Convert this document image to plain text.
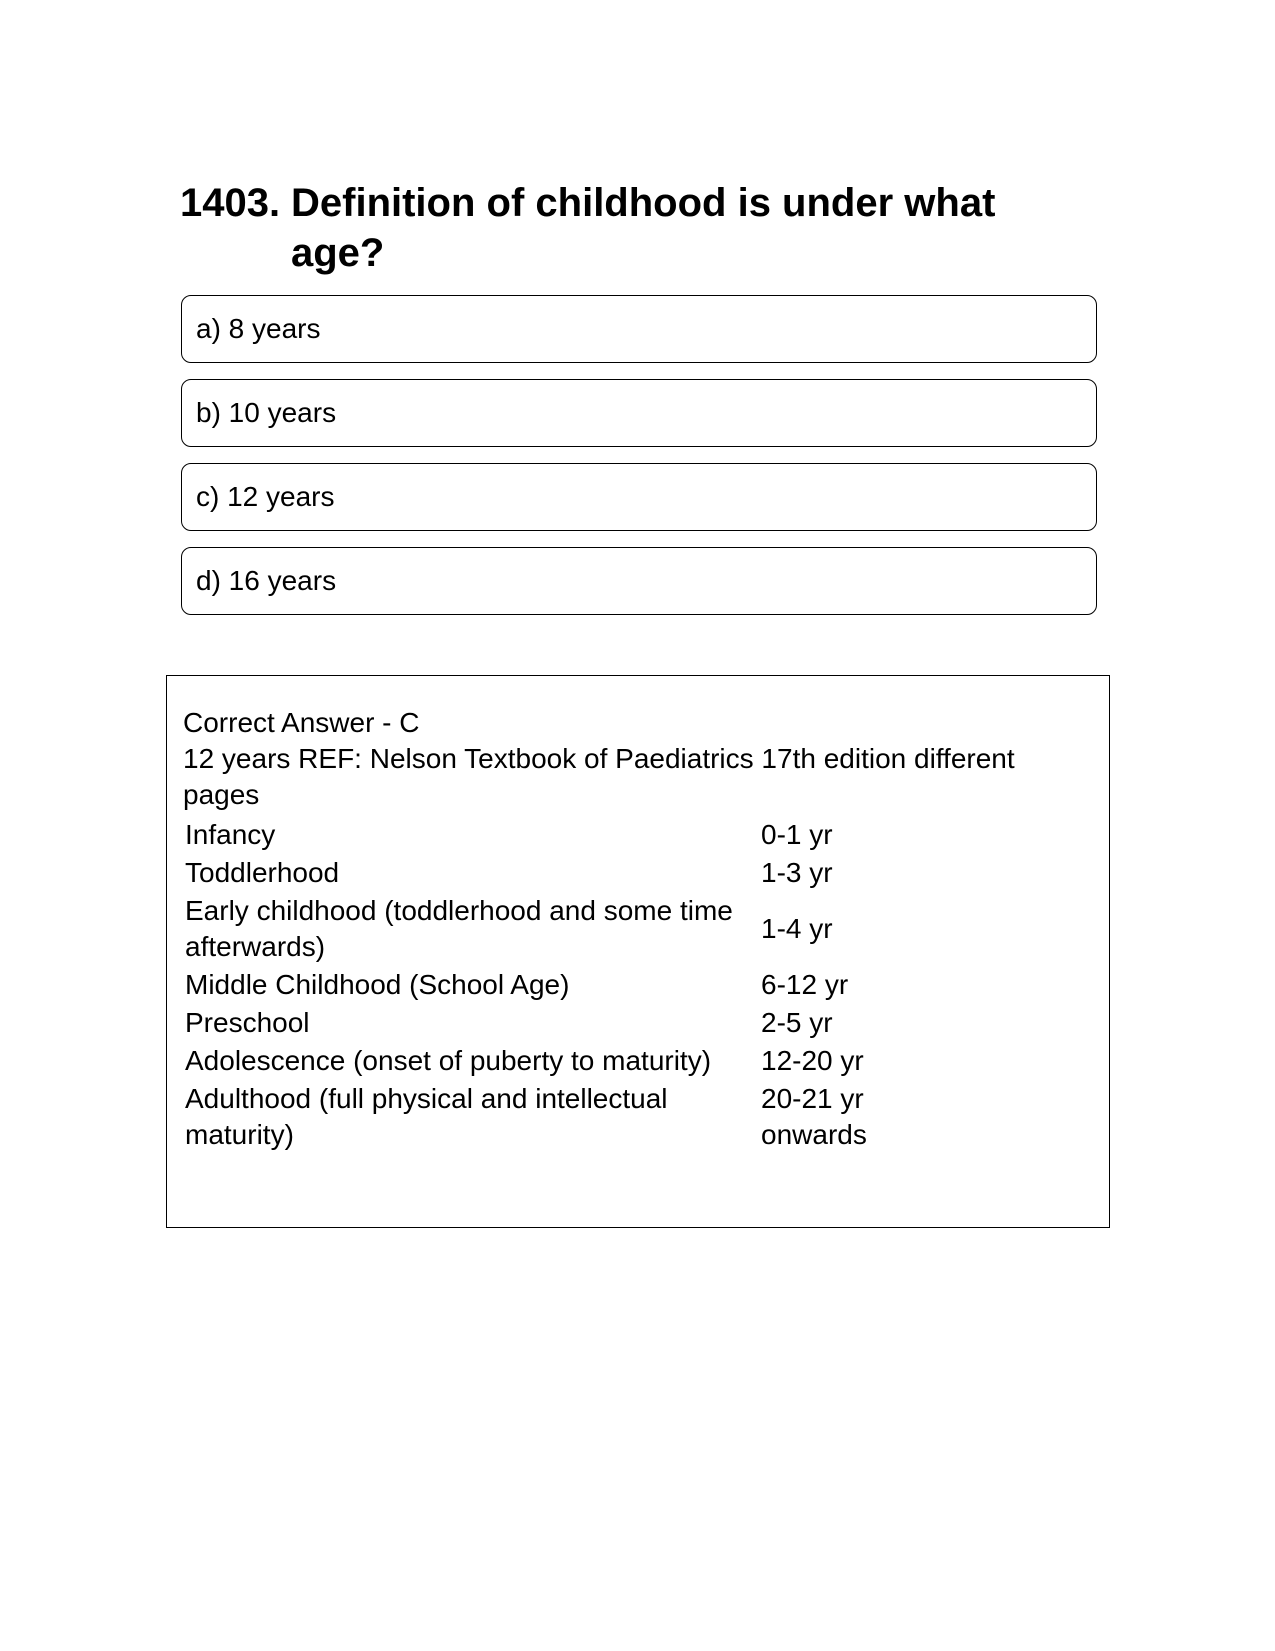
1403. Definition of childhood is under what age?
a) 8 years
b) 10 years
c) 12 years
d) 16 years
Correct Answer - C
12 years REF: Nelson Textbook of Paediatrics 17th edition different pages
Infancy	0-1 yr
Toddlerhood	1-3 yr
Early childhood (toddlerhood and some time afterwards)	1-4 yr
Middle Childhood (School Age)	6-12 yr
Preschool	2-5 yr
Adolescence (onset of puberty to maturity)	12-20 yr
Adulthood (full physical and intellectual maturity)	20-21 yr onwards
